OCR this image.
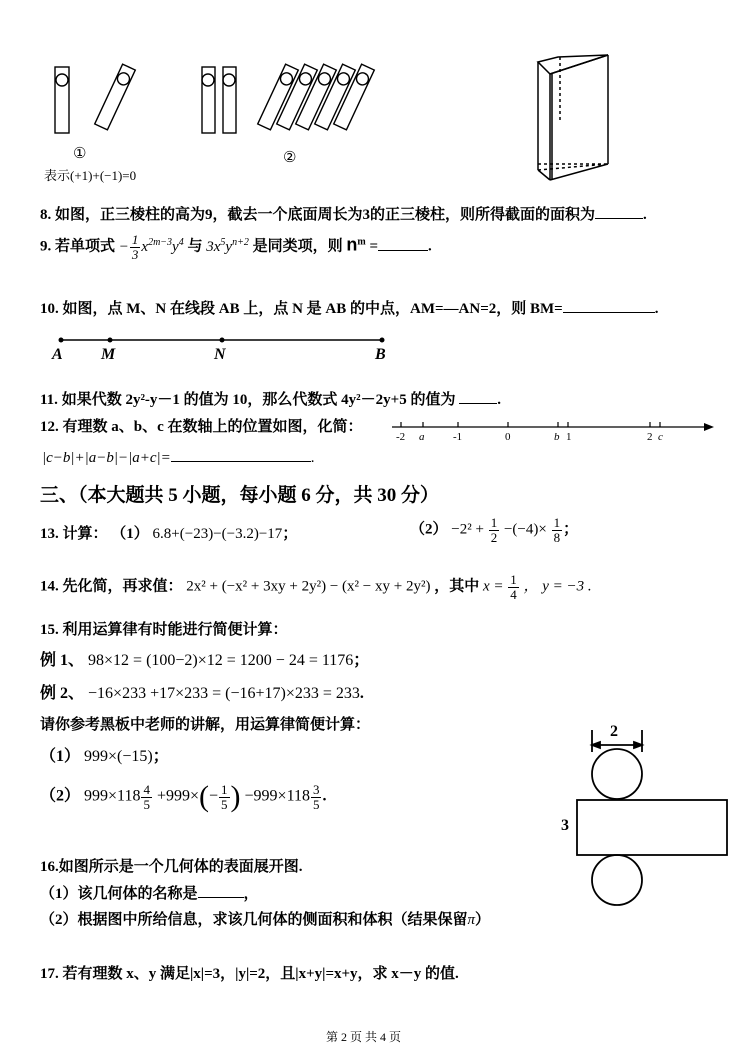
①	②
表示(+1)+(−1)=0
8. 如图，正三棱柱的高为9，截去一个底面周长为3的正三棱柱，则所得截面的面积为	.
9. 若单项式 − $\frac{1}{3} x^{2m-3}y^4$ 与 $3x^5y^{n+2}$ 是同类项，则 $n^m$ =	.
10. 如图，点 M、N 在线段 AB 上，点 N 是 AB 的中点，AM=—AN=2，则 BM=	.
A M	N	B
11. 如果代数 2y²-y－1 的值为 10，那么代数式 4y²－2y+5 的值为	.
12. 有理数 a、b、c 在数轴上的位置如图，化简：
|c−b|+|a−b|−|a+c|=	.
-2 a	-1	0	b 1	2 c
三、（本大题共 5 小题，每小题 6 分，共 30 分）
13. 计算： （1） 6.8+(−23)−(−3.2)−17；	$(2) -2^2 + \frac{1}{2} -(-4)\times \frac{1}{8}$ ；
14. 先化简，再求值： 2x² + (−x² + 3xy + 2y²) − (x² − xy + 2y²) ，其中 $x = \frac{1}{4}$ ， y = −3 .
15. 利用运算律有时能进行简便计算：
例 1、 98×12 = (100−2)×12 = 1200 − 24 = 1176；
例 2、 −16×233 +17×233 = (−16+17)×233 = 233.
请你参考黑板中老师的讲解，用运算律简便计算：
（1） 999×(−15)；
（2） $999\times 118 \frac{4}{5} +999\times(- \frac{1}{5}$ ) $-999\times 118 \frac{3}{5}$ .
2
3
16.如图所示是一个几何体的表面展开图.
（1）该几何体的名称是	，
（2）根据图中所给信息，求该几何体的侧面积和体积（结果保留π）
17. 若有理数 x、y 满足|x|=3，|y|=2，且|x+y|=x+y，求 x－y 的值.
第 2 页 共 4 页
